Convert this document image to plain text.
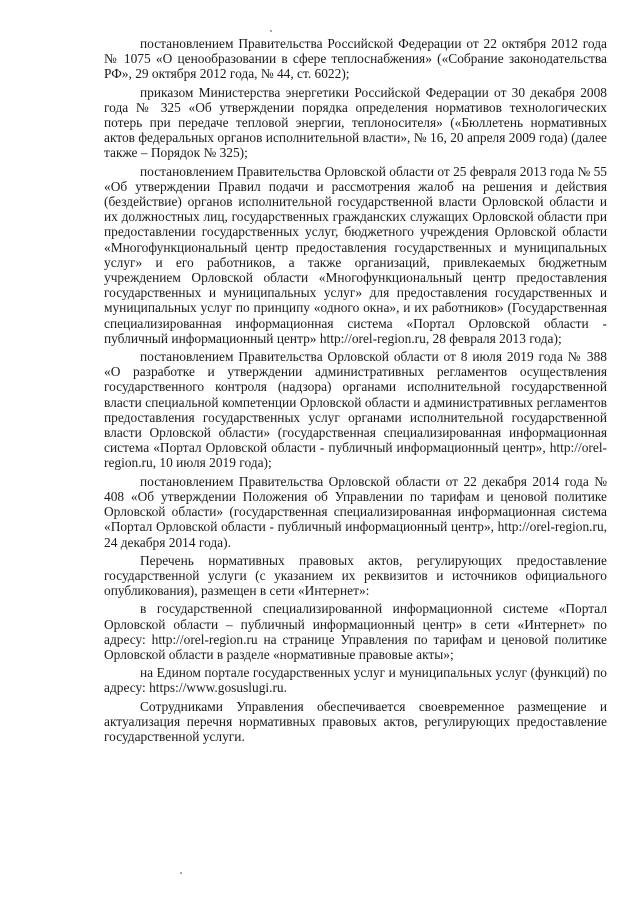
постановлением Правительства Российской Федерации от 22 октября 2012 года № 1075 «О ценообразовании в сфере теплоснабжения» («Собрание законодательства РФ», 29 октября 2012 года, № 44, ст. 6022);

приказом Министерства энергетики Российской Федерации от 30 декабря 2008 года № 325 «Об утверждении порядка определения нормативов технологических потерь при передаче тепловой энергии, теплоносителя» («Бюллетень нормативных актов федеральных органов исполнительной власти», № 16, 20 апреля 2009 года) (далее также – Порядок № 325);

постановлением Правительства Орловской области от 25 февраля 2013 года № 55 «Об утверждении Правил подачи и рассмотрения жалоб на решения и действия (бездействие) органов исполнительной государственной власти Орловской области и их должностных лиц, государственных гражданских служащих Орловской области при предоставлении государственных услуг, бюджетного учреждения Орловской области «Многофункциональный центр предоставления государственных и муниципальных услуг» и его работников, а также организаций, привлекаемых бюджетным учреждением Орловской области «Многофункциональный центр предоставления государственных и муниципальных услуг» для предоставления государственных и муниципальных услуг по принципу «одного окна», и их работников» (Государственная специализированная информационная система «Портал Орловской области - публичный информационный центр» http://orel-region.ru, 28 февраля 2013 года);

постановлением Правительства Орловской области от 8 июля 2019 года № 388 «О разработке и утверждении административных регламентов осуществления государственного контроля (надзора) органами исполнительной государственной власти специальной компетенции Орловской области и административных регламентов предоставления государственных услуг органами исполнительной государственной власти Орловской области» (государственная специализированная информационная система «Портал Орловской области - публичный информационный центр», http://orel-region.ru, 10 июля 2019 года);

постановлением Правительства Орловской области от 22 декабря 2014 года № 408 «Об утверждении Положения об Управлении по тарифам и ценовой политике Орловской области» (государственная специализированная информационная система «Портал Орловской области - публичный информационный центр», http://orel-region.ru, 24 декабря 2014 года).

Перечень нормативных правовых актов, регулирующих предоставление государственной услуги (с указанием их реквизитов и источников официального опубликования), размещен в сети «Интернет»:

в государственной специализированной информационной системе «Портал Орловской области – публичный информационный центр» в сети «Интернет» по адресу: http://orel-region.ru на странице Управления по тарифам и ценовой политике Орловской области в разделе «нормативные правовые акты»;

на Едином портале государственных услуг и муниципальных услуг (функций) по адресу: https://www.gosuslugi.ru.

Сотрудниками Управления обеспечивается своевременное размещение и актуализация перечня нормативных правовых актов, регулирующих предоставление государственной услуги.
